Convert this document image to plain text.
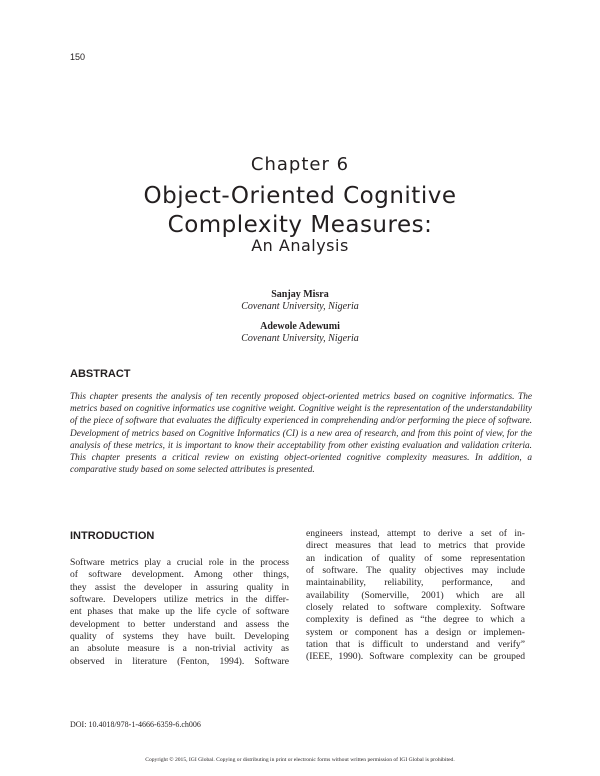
150
Chapter 6
Object-Oriented Cognitive
Complexity Measures:
An Analysis
Sanjay Misra
Covenant University, Nigeria
Adewole Adewumi
Covenant University, Nigeria
ABSTRACT
This chapter presents the analysis of ten recently proposed object-oriented metrics based on cognitive informatics. The metrics based on cognitive informatics use cognitive weight. Cognitive weight is the representation of the understandability of the piece of software that evaluates the difficulty experienced in comprehending and/or performing the piece of software. Development of metrics based on Cognitive Informatics (CI) is a new area of research, and from this point of view, for the analysis of these metrics, it is important to know their acceptability from other existing evaluation and validation criteria. This chapter presents a critical review on existing object-oriented cognitive complexity measures. In addition, a comparative study based on some selected attributes is presented.
INTRODUCTION
Software metrics play a crucial role in the process
of software development. Among other things,
they assist the developer in assuring quality in
software. Developers utilize metrics in the differ-
ent phases that make up the life cycle of software
development to better understand and assess the
quality of systems they have built. Developing
an absolute measure is a non-trivial activity as
observed in literature (Fenton, 1994). Software
engineers instead, attempt to derive a set of in-
direct measures that lead to metrics that provide
an indication of quality of some representation
of software. The quality objectives may include
maintainability, reliability, performance, and
availability (Somerville, 2001) which are all
closely related to software complexity. Software
complexity is defined as “the degree to which a
system or component has a design or implemen-
tation that is difficult to understand and verify”
(IEEE, 1990). Software complexity can be grouped
DOI: 10.4018/978-1-4666-6359-6.ch006
Copyright © 2015, IGI Global. Copying or distributing in print or electronic forms without written permission of IGI Global is prohibited.
